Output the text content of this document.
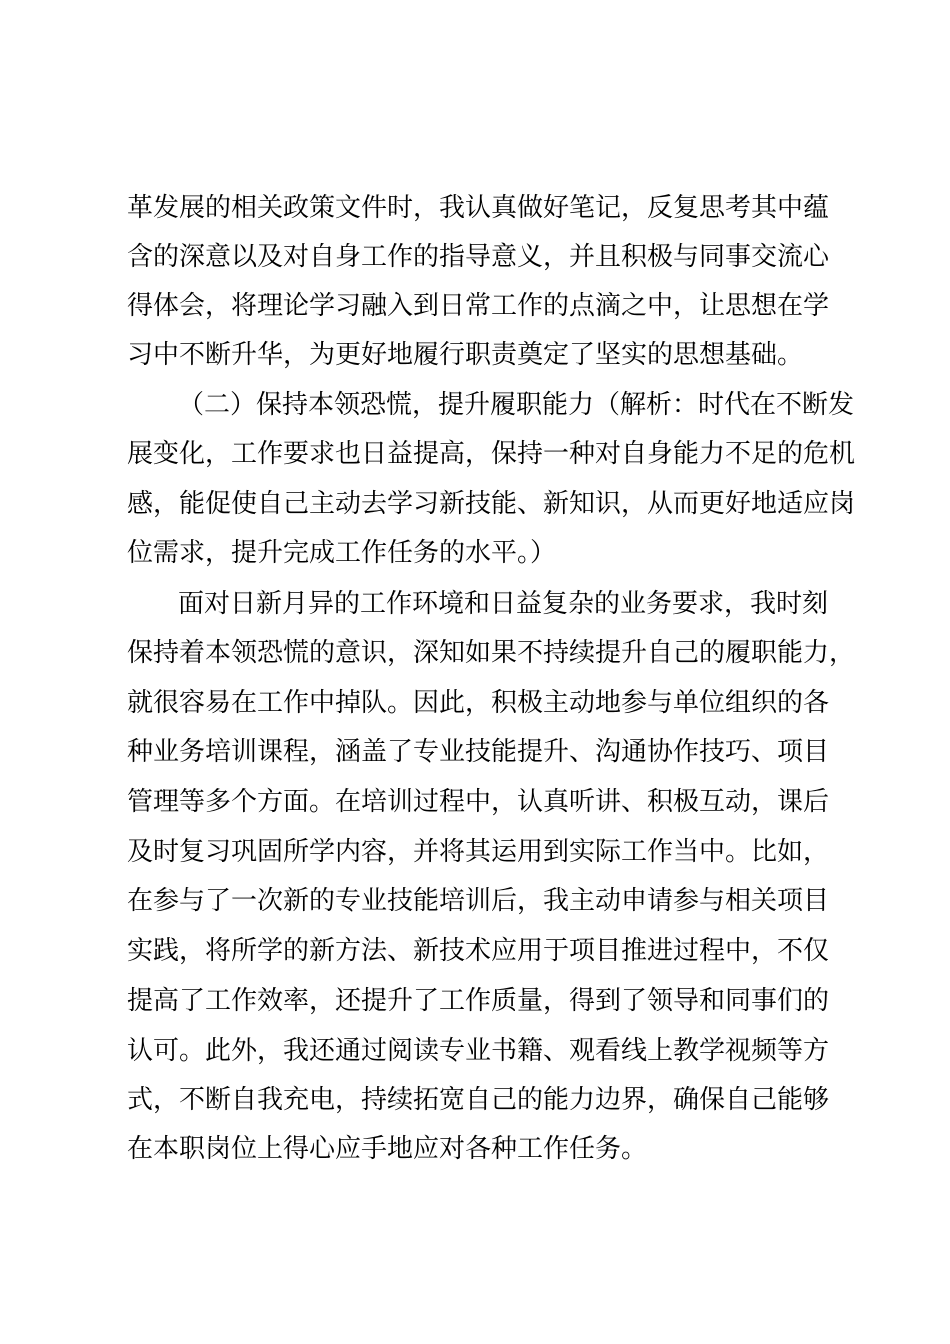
革发展的相关政策文件时，我认真做好笔记，反复思考其中蕴
含的深意以及对自身工作的指导意义，并且积极与同事交流心
得体会，将理论学习融入到日常工作的点滴之中，让思想在学
习中不断升华，为更好地履行职责奠定了坚实的思想基础。
（二）保持本领恐慌，提升履职能力（解析：时代在不断发
展变化，工作要求也日益提高，保持一种对自身能力不足的危机
感，能促使自己主动去学习新技能、新知识，从而更好地适应岗
位需求，提升完成工作任务的水平。）
面对日新月异的工作环境和日益复杂的业务要求，我时刻
保持着本领恐慌的意识，深知如果不持续提升自己的履职能力，
就很容易在工作中掉队。因此，积极主动地参与单位组织的各
种业务培训课程，涵盖了专业技能提升、沟通协作技巧、项目
管理等多个方面。在培训过程中，认真听讲、积极互动，课后
及时复习巩固所学内容，并将其运用到实际工作当中。比如，
在参与了一次新的专业技能培训后，我主动申请参与相关项目
实践，将所学的新方法、新技术应用于项目推进过程中，不仅
提高了工作效率，还提升了工作质量，得到了领导和同事们的
认可。此外，我还通过阅读专业书籍、观看线上教学视频等方
式，不断自我充电，持续拓宽自己的能力边界，确保自己能够
在本职岗位上得心应手地应对各种工作任务。
